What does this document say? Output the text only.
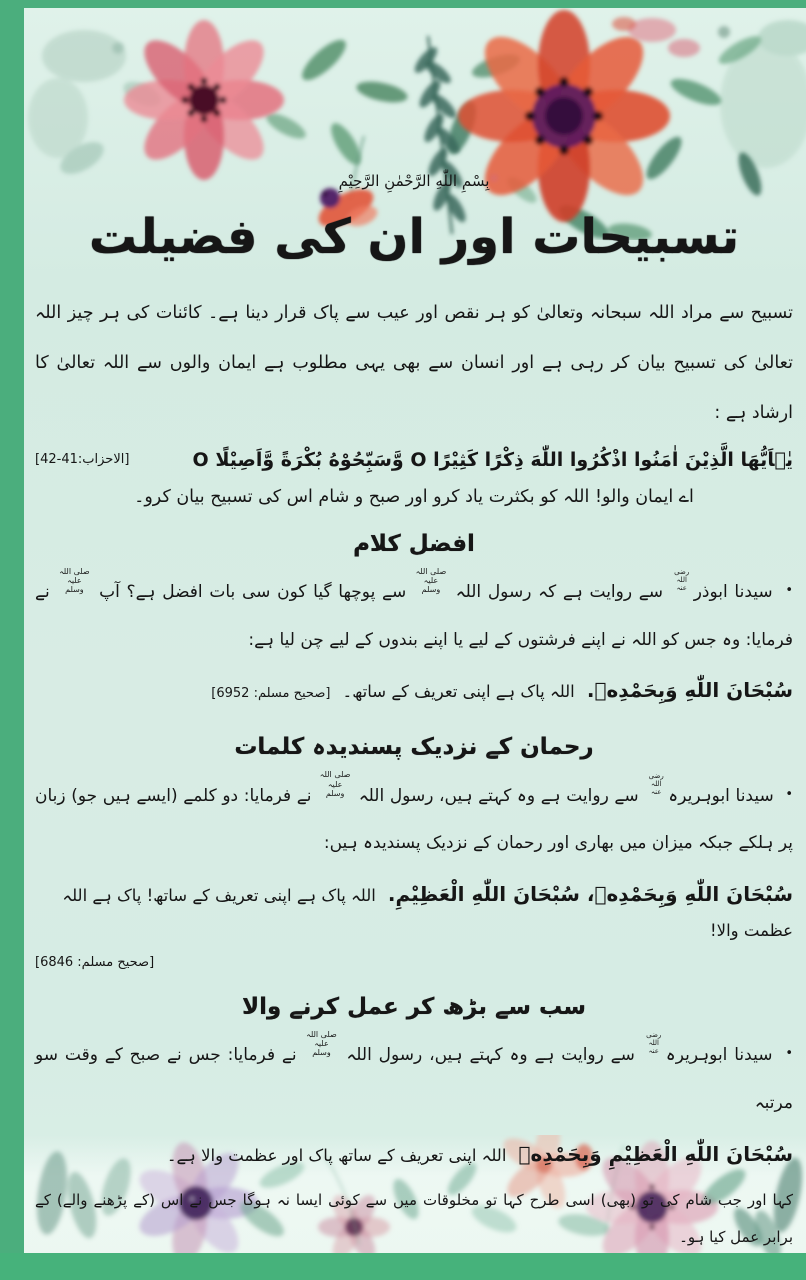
بِسْمِ اللّٰهِ الرَّحْمٰنِ الرَّحِيْمِ
تسبیحات اور ان کی فضیلت

تسبیح سے مراد اللہ سبحانہ وتعالیٰ کو ہر نقص اور عیب سے پاک قرار دینا ہے۔ کائنات کی ہر چیز اللہ تعالیٰ کی تسبیح بیان کر رہی ہے اور انسان سے بھی یہی مطلوب ہے ایمان والوں سے اللہ تعالیٰ کا ارشاد ہے :

يٰۤاَيُّهَا الَّذِيْنَ اٰمَنُوا اذْكُرُوا اللّٰهَ ذِكْرًا كَثِيْرًا O وَّسَبِّحُوْهُ بُكْرَةً وَّاَصِيْلًا O
[الاحزاب:41-42]

اے ایمان والو! اللہ کو بکثرت یاد کرو اور صبح و شام اس کی تسبیح بیان کرو۔

افضل کلام

• سیدنا ابوذررضی اللہ عنہ سے روایت ہے کہ رسول اللہ صلی اللہ علیہ وسلم سے پوچھا گیا کون سی بات افضل ہے؟ آپ صلی اللہ علیہ وسلم نے فرمایا: وہ جس کو اللہ نے اپنے فرشتوں کے لیے یا اپنے بندوں کے لیے چن لیا ہے:

سُبْحَانَ اللّٰهِ وَبِحَمْدِهٖ. اللہ پاک ہے اپنی تعریف کے ساتھ۔ [صحیح مسلم: 6952]

رحمان کے نزدیک پسندیدہ کلمات

• سیدنا ابوہریرہرضی اللہ عنہ سے روایت ہے وہ کہتے ہیں، رسول اللہ صلی اللہ علیہ وسلم نے فرمایا: دو کلمے (ایسے ہیں جو) زبان پر ہلکے جبکہ میزان میں بھاری اور رحمان کے نزدیک پسندیدہ ہیں:

سُبْحَانَ اللّٰهِ وَبِحَمْدِهٖ، سُبْحَانَ اللّٰهِ الْعَظِيْمِ. اللہ پاک ہے اپنی تعریف کے ساتھ! پاک ہے اللہ عظمت والا!

[صحیح مسلم: 6846]
سب سے بڑھ کر عمل کرنے والا

• سیدنا ابوہریرہرضی اللہ عنہ سے روایت ہے وہ کہتے ہیں، رسول اللہ صلی اللہ علیہ وسلم نے فرمایا: جس نے صبح کے وقت سو مرتبہ

سُبْحَانَ اللّٰهِ الْعَظِيْمِ وَبِحَمْدِهٖ اللہ اپنی تعریف کے ساتھ پاک اور عظمت والا ہے۔

کہا اور جب شام کی تو (بھی) اسی طرح کہا تو مخلوقات میں سے کوئی ایسا نہ ہوگا جس نے اس (کے پڑھنے والے) کے برابر عمل کیا ہو۔
